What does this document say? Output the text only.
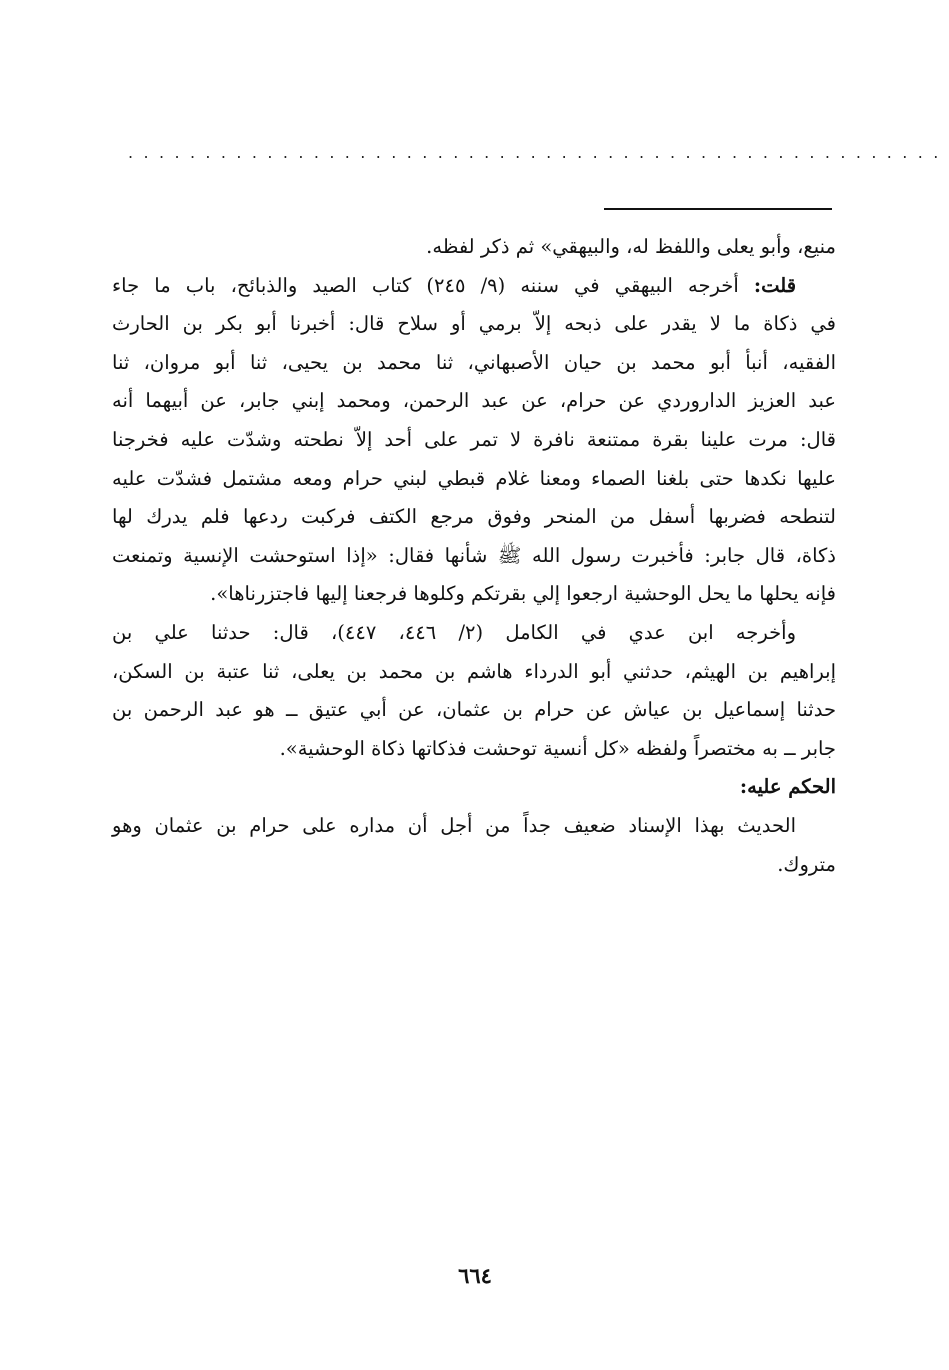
.....................................................
منيع، وأبو يعلى واللفظ له، والبيهقي» ثم ذكر لفظه.
قلت: أخرجه البيهقي في سننه (٩/ ٢٤٥) كتاب الصيد والذبائح، باب ما جاء
في ذكاة ما لا يقدر على ذبحه إلاّ برمي أو سلاح قال: أخبرنا أبو بكر بن الحارث
الفقيه، أنبأ أبو محمد بن حيان الأصبهاني، ثنا محمد بن يحيى، ثنا أبو مروان، ثنا
عبد العزيز الداروردي عن حرام، عن عبد الرحمن، ومحمد إبني جابر، عن أبيهما أنه
قال: مرت علينا بقرة ممتنعة نافرة لا تمر على أحد إلاّ نطحته وشدّت عليه فخرجنا
عليها نكدها حتى بلغنا الصماء ومعنا غلام قبطي لبني حرام ومعه مشتمل فشدّت عليه
لتنطحه فضربها أسفل من المنحر وفوق مرجع الكتف فركبت ردعها فلم يدرك لها
ذكاة، قال جابر: فأخبرت رسول الله ﷺ شأنها فقال: «إذا استوحشت الإنسية وتمنعت
فإنه يحلها ما يحل الوحشية ارجعوا إلي بقرتكم وكلوها فرجعنا إليها فاجتزرناها».
وأخرجه ابن عدي في الكامل (٢/ ٤٤٦، ٤٤٧)، قال: حدثنا علي بن
إبراهيم بن الهيثم، حدثني أبو الدرداء هاشم بن محمد بن يعلى، ثنا عتبة بن السكن،
حدثنا إسماعيل بن عياش عن حرام بن عثمان، عن أبي عتيق ــ هو عبد الرحمن بن
جابر ــ به مختصراً ولفظه «كل أنسية توحشت فذكاتها ذكاة الوحشية».
الحكم عليه:
الحديث بهذا الإسناد ضعيف جداً من أجل أن مداره على حرام بن عثمان وهو
متروك.
٦٦٤
